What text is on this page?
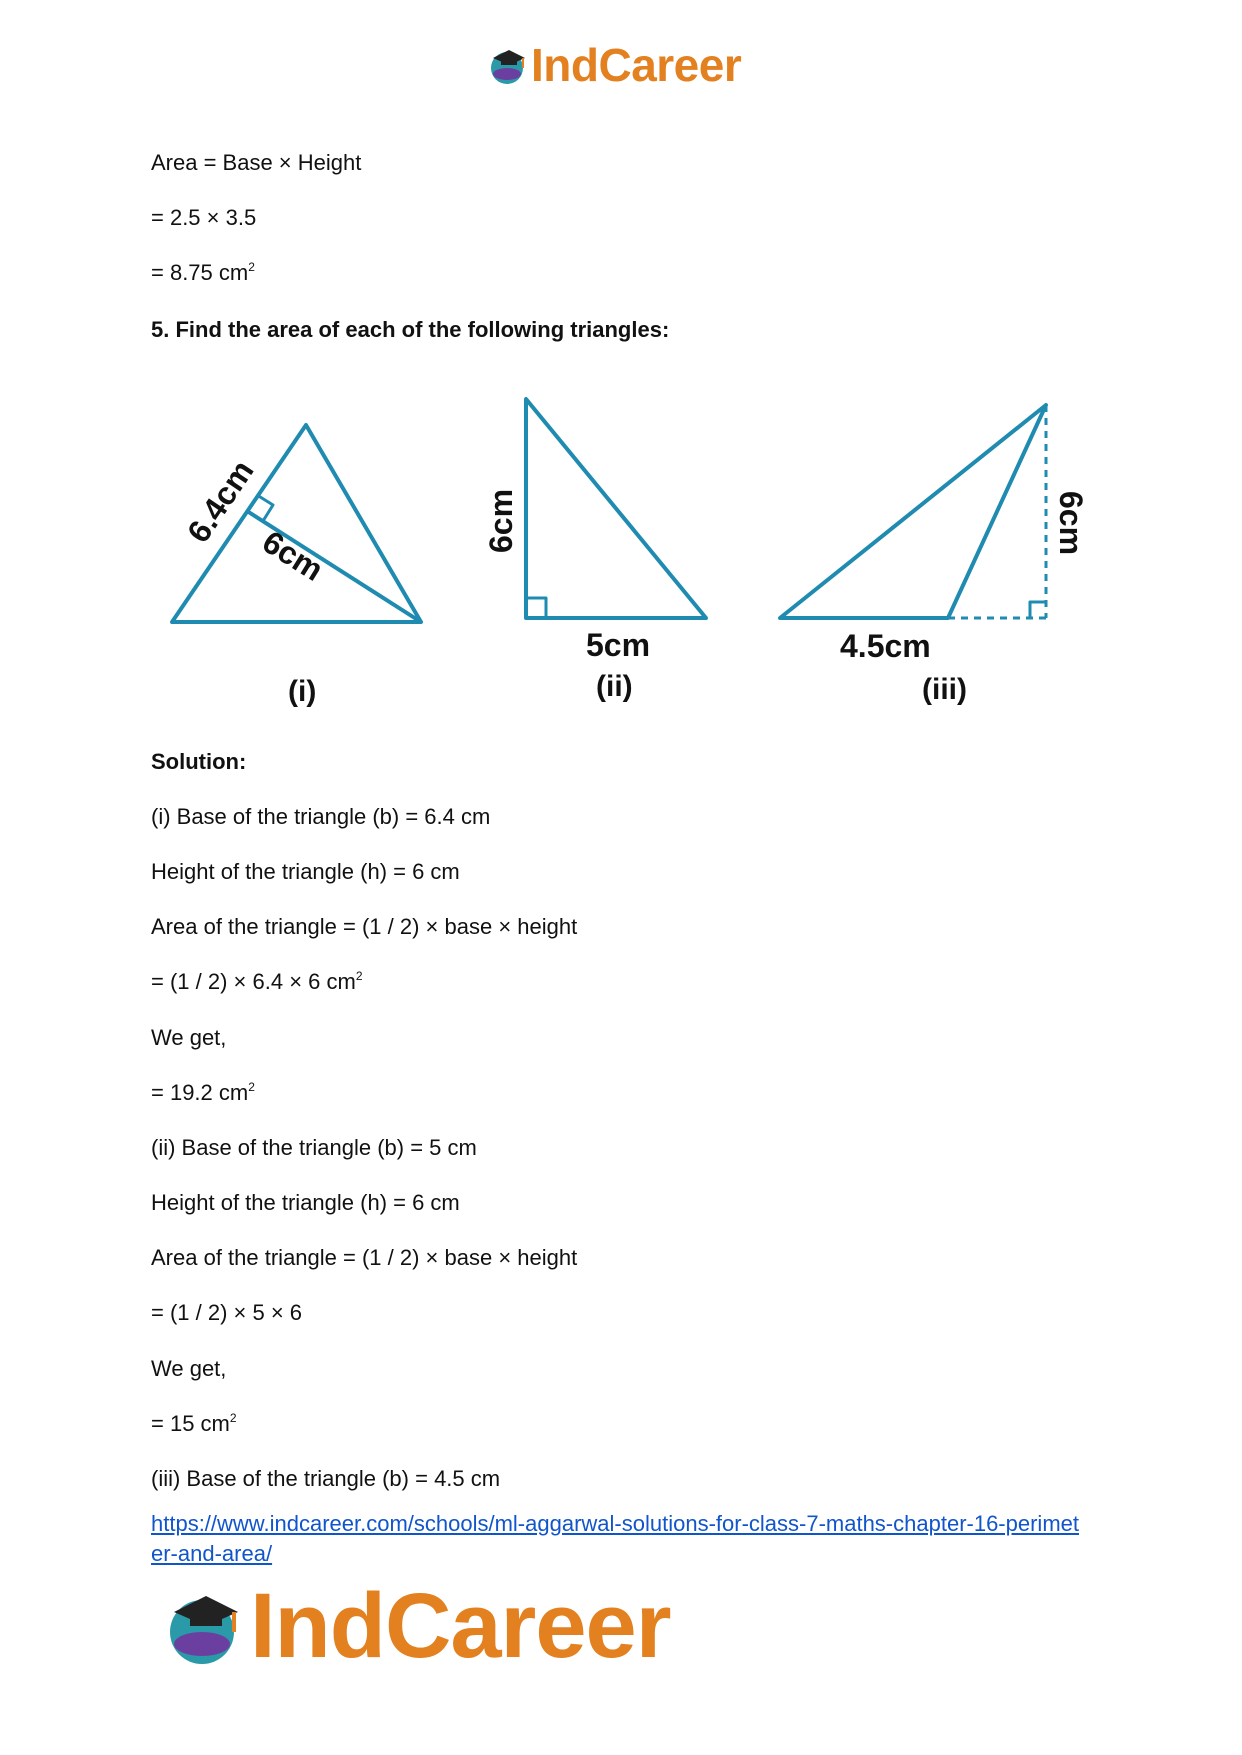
IndCareer
Area = Base × Height
= 2.5 × 3.5
= 8.75 $cm^2$
5. Find the area of each of the following triangles:
6.4cm
6cm
(i)
6cm
5cm
(ii)
4.5cm
6cm
(iii)
Solution:
(i) Base of the triangle (b) = 6.4 cm
Height of the triangle (h) = 6 cm
Area of the triangle = (1 / 2) × base × height
= (1 / 2) × 6.4 × 6 $cm^2$
We get,
= 19.2 $cm^2$
(ii) Base of the triangle (b) = 5 cm
Height of the triangle (h) = 6 cm
Area of the triangle = (1 / 2) × base × height
= (1 / 2) × 5 × 6
We get,
= 15 $cm^2$
(iii) Base of the triangle (b) = 4.5 cm
https://www.indcareer.com/schools/ml-aggarwal-solutions-for-class-7-maths-chapter-16-perimeter-and-area/
IndCareer
